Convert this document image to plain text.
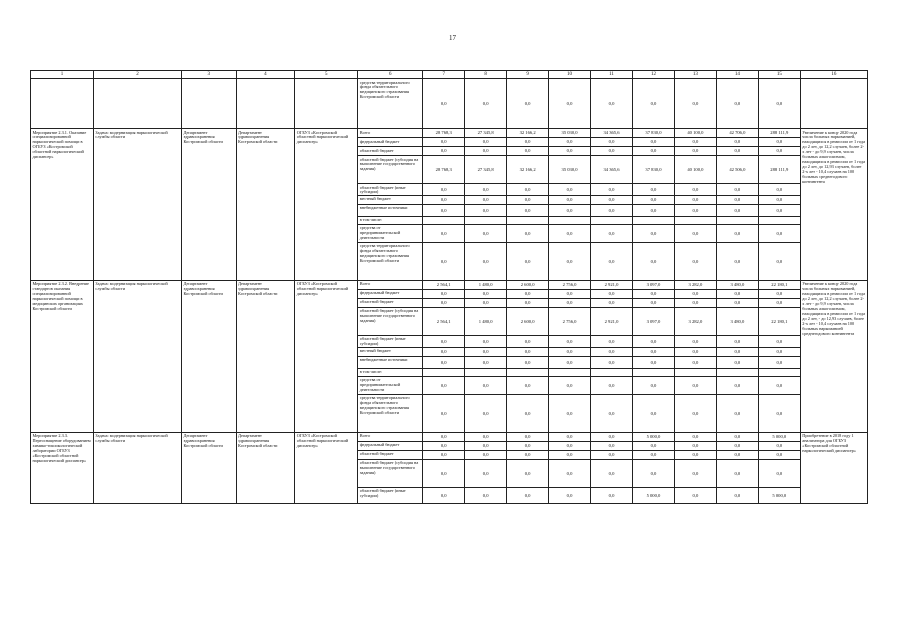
17
1	2	3	4	5	6	7	8	9	10	11	12	13	14	15	16
					средства территориального фонда обязательного медицинского страхования Костромской области	0,0	0,0	0,0	0,0	0,0	0,0	0,0	0,0	0,0	
Мероприятие 2.3.1. Оказание специализированной наркологической помощи в ОГБУЗ «Костромской областной наркологический диспансер»	Задача: модернизация наркологической службы области	Департамент здравоохранения Костромской области	Департамент здравоохранения Костромской области	ОГБУЗ «Костромской областной наркологический диспансер»	Всего	28 768,3	27 345,8	32 166,2	35 030,0	34 365,6	37 830,0	40 100,0	42 706,0	288 111,9	Увеличение к концу 2020 года числа больных наркоманией, находящихся в ремиссии от 1 года до 2 лет, до 12,2 случаев, более 2-х лет - до 9,9 случаев, числа больных алкоголизмом, находящихся в ремиссии от 1 года до 2 лет, до 12,93 случаев, более 2-х лет - 10,4 случаев на 100 больных среднегодового контингента
					федеральный бюджет	0,0	0,0	0,0	0,0	0,0	0,0	0,0	0,0	0,0	
					областной бюджет	0,0	0,0	0,0	0,0	0,0	0,0	0,0	0,0	0,0	
					областной бюджет (субсидия на выполнение государственного задания)	28 768,3	27 345,8	32 166,2	35 030,0	34 365,6	37 830,0	40 100,0	42 506,0	288 111,9	
					областной бюджет (иные субсидии)	0,0	0,0	0,0	0,0	0,0	0,0	0,0	0,0	0,0	
					местный бюджет	0,0	0,0	0,0	0,0	0,0	0,0	0,0	0,0	0,0	
					внебюджетные источники	0,0	0,0	0,0	0,0	0,0	0,0	0,0	0,0	0,0	
					в том числе:										
					средства от предпринимательской деятельности	0,0	0,0	0,0	0,0	0,0	0,0	0,0	0,0	0,0	
					средства территориального фонда обязательного медицинского страхования Костромской области	0,0	0,0	0,0	0,0	0,0	0,0	0,0	0,0	0,0	
Мероприятие 2.3.2. Внедрение стандартов оказания специализированной наркологической помощи в медицинских организациях Костромской области	Задача: модернизация наркологической службы области	Департамент здравоохранения Костромской области	Департамент здравоохранения Костромской области	ОГБУЗ «Костромской областной наркологический диспансер»	Всего	2 564,1	1 480,0	2 600,0	2 756,0	2 921,0	3 097,0	3 282,0	3 480,0	22 180,1	Увеличение к концу 2020 года числа больных наркоманией, находящихся в ремиссии от 1 года до 2 лет, до 12,2 случаев, более 2-х лет - до 9,9 случаев, числа больных алкоголизмом, находящихся в ремиссии от 1 года до 2 лет, - до 12,93 случаев, более 2-х лет - 10,4 случаев на 100 больных наркоманией среднегодового контингента
					федеральный бюджет	0,0	0,0	0,0	0,0	0,0	0,0	0,0	0,0	0,0	
					областной бюджет	0,0	0,0	0,0	0,0	0,0	0,0	0,0	0,0	0,0	
					областной бюджет (субсидия на выполнение государственного задания)	2 564,1	1 480,0	2 600,0	2 756,0	2 921,0	3 097,0	3 282,0	3 480,0	22 180,1	
					областной бюджет (иные субсидии)	0,0	0,0	0,0	0,0	0,0	0,0	0,0	0,0	0,0	
					местный бюджет	0,0	0,0	0,0	0,0	0,0	0,0	0,0	0,0	0,0	
					внебюджетные источники	0,0	0,0	0,0	0,0	0,0	0,0	0,0	0,0	0,0	
					в том числе:										
					средства от предпринимательской деятельности	0,0	0,0	0,0	0,0	0,0	0,0	0,0	0,0	0,0	
					средства территориального фонда обязательного медицинского страхования Костромской области	0,0	0,0	0,0	0,0	0,0	0,0	0,0	0,0	0,0	
Мероприятие 2.3.3. Переоснащение оборудованием химико-токсикологической лаборатории ОГБУЗ «Костромской областной наркологический диспансер»	Задача: модернизация наркологической службы области	Департамент здравоохранения Костромской области	Департамент здравоохранения Костромской области	ОГБУЗ «Костромской областной наркологический диспансер»	Всего	0,0	0,0	0,0	0,0	0,0	5 000,0	0,0	0,0	5 000,0	Приобретение в 2018 году 1 анализатора для ОГБУЗ «Костромской областной наркологический диспансер»
					федеральный бюджет	0,0	0,0	0,0	0,0	0,0	0,0	0,0	0,0	0,0	
					областной бюджет	0,0	0,0	0,0	0,0	0,0	0,0	0,0	0,0	0,0	
					областной бюджет (субсидия на выполнение государственного задания)	0,0	0,0	0,0	0,0	0,0	0,0	0,0	0,0	0,0	
					областной бюджет (иные субсидии)	0,0	0,0	0,0	0,0	0,0	5 000,0	0,0	0,0	5 000,0	
